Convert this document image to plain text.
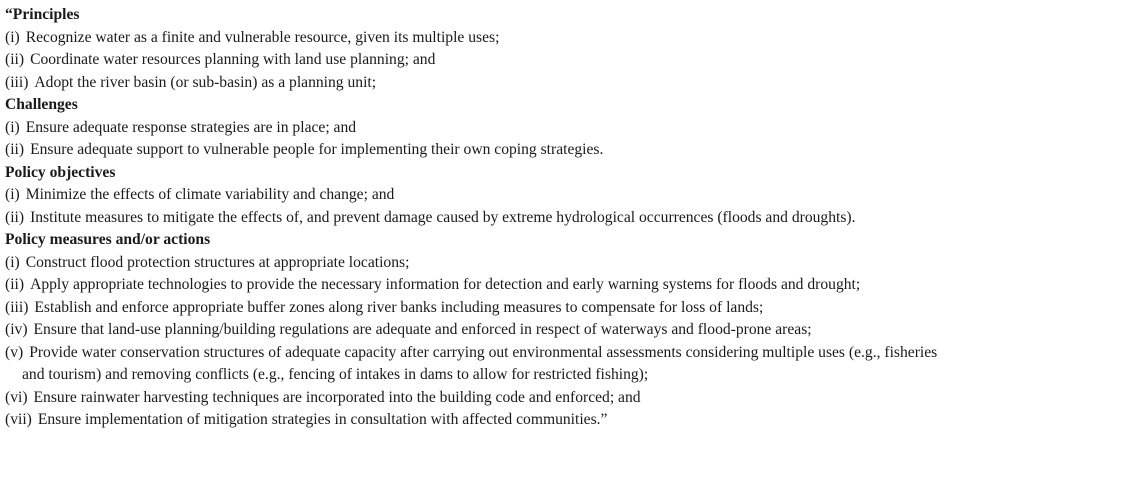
“Principles
(i) Recognize water as a finite and vulnerable resource, given its multiple uses;
(ii) Coordinate water resources planning with land use planning; and
(iii) Adopt the river basin (or sub-basin) as a planning unit;
Challenges
(i) Ensure adequate response strategies are in place; and
(ii) Ensure adequate support to vulnerable people for implementing their own coping strategies.
Policy objectives
(i) Minimize the effects of climate variability and change; and
(ii) Institute measures to mitigate the effects of, and prevent damage caused by extreme hydrological occurrences (floods and droughts).
Policy measures and/or actions
(i) Construct flood protection structures at appropriate locations;
(ii) Apply appropriate technologies to provide the necessary information for detection and early warning systems for floods and drought;
(iii) Establish and enforce appropriate buffer zones along river banks including measures to compensate for loss of lands;
(iv) Ensure that land-use planning/building regulations are adequate and enforced in respect of waterways and flood-prone areas;
(v) Provide water conservation structures of adequate capacity after carrying out environmental assessments considering multiple uses (e.g., fisheries
and tourism) and removing conflicts (e.g., fencing of intakes in dams to allow for restricted fishing);
(vi) Ensure rainwater harvesting techniques are incorporated into the building code and enforced; and
(vii) Ensure implementation of mitigation strategies in consultation with affected communities.”
